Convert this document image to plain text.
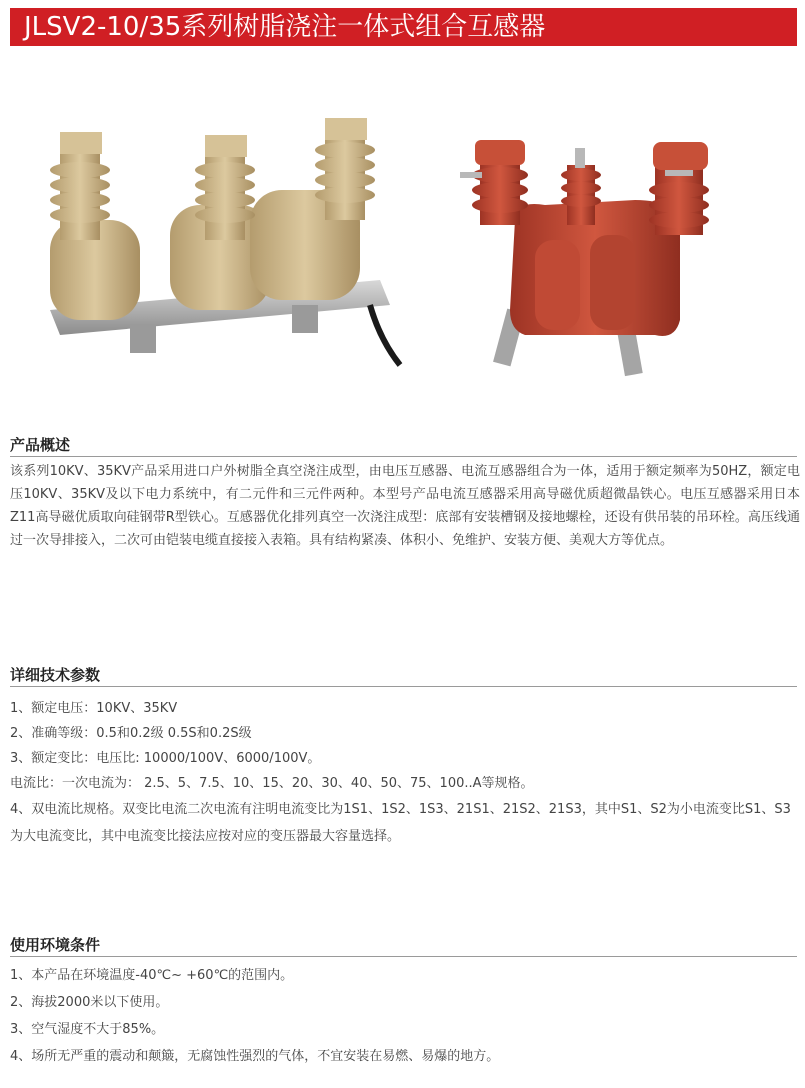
JLSV2-10/35系列树脂浇注一体式组合互感器
产品概述

该系列10KV、35KV产品采用进口户外树脂全真空浇注成型，由电压互感器、电流互感器组合为一体，适用于额定频率为50HZ，额定电压10KV、35KV及以下电力系统中，有二元件和三元件两种。本型号产品电流互感器采用高导磁优质超微晶铁心。电压互感器采用日本Z11高导磁优质取向硅钢带R型铁心。互感器优化排列真空一次浇注成型：底部有安装槽钢及接地螺栓，还设有供吊装的吊环栓。高压线通过一次导排接入，二次可由铠装电缆直接接入表箱。具有结构紧凑、体积小、免维护、安装方便、美观大方等优点。

详细技术参数
1、额定电压：10KV、35KV
2、准确等级：0.5和0.2级 0.5S和0.2S级
3、额定变比：电压比: 10000/100V、6000/100V。
电流比：一次电流为： 2.5、5、7.5、10、15、20、30、40、50、75、100..A等规格。
4、双电流比规格。双变比电流二次电流有注明电流变比为1S1、1S2、1S3、21S1、21S2、21S3，其中S1、S2为小电流变比S1、S3为大电流变比，其中电流变比接法应按对应的变压器最大容量选择。
使用环境条件
1、本产品在环境温度-40℃~ +60℃的范围内。
2、海拔2000米以下使用。
3、空气湿度不大于85%。
4、场所无严重的震动和颠簸，无腐蚀性强烈的气体，不宜安装在易燃、易爆的地方。
